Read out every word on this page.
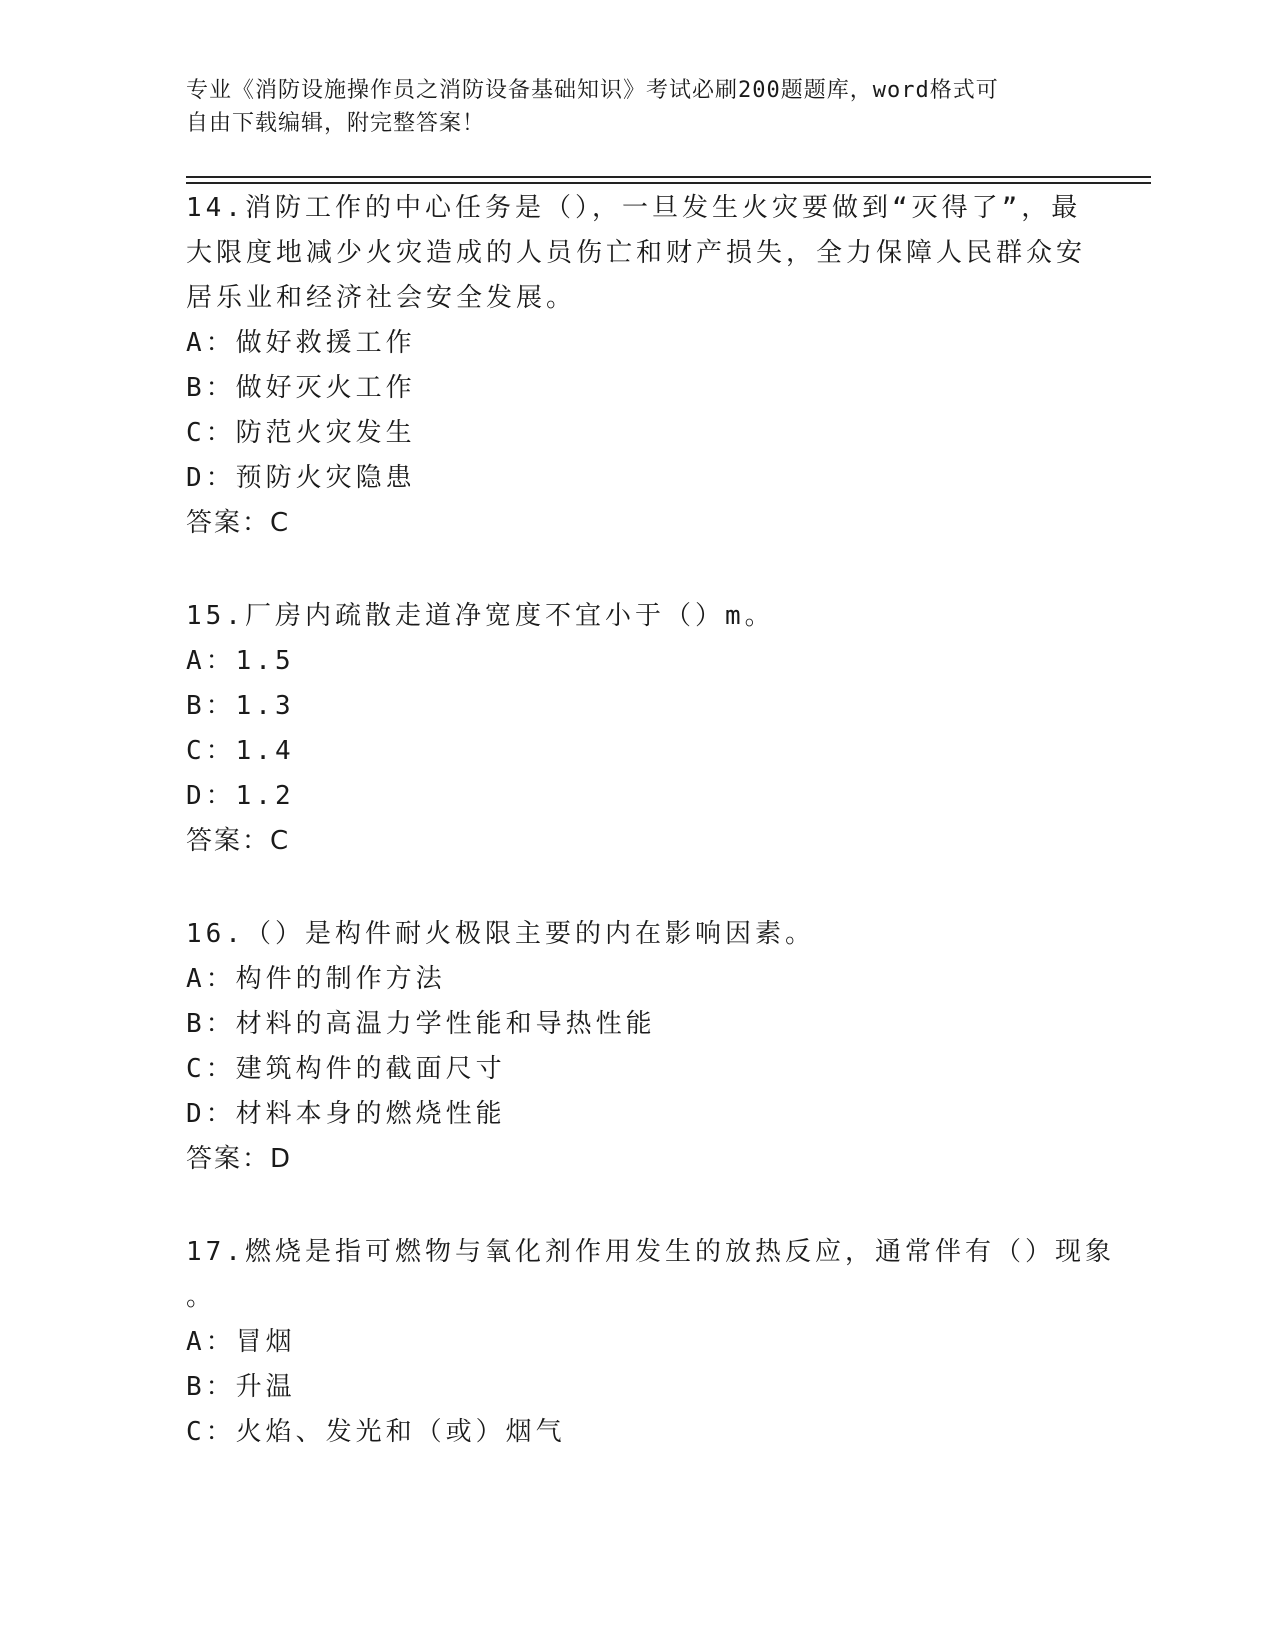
专业《消防设施操作员之消防设备基础知识》考试必刷200题题库，word格式可
自由下载编辑，附完整答案！
14.消防工作的中心任务是（），一旦发生火灾要做到“灭得了”，最
大限度地减少火灾造成的人员伤亡和财产损失，全力保障人民群众安
居乐业和经济社会安全发展。
A：做好救援工作
B：做好灭火工作
C：防范火灾发生
D：预防火灾隐患
答案：C
15.厂房内疏散走道净宽度不宜小于（）m。
A：1.5
B：1.3
C：1.4
D：1.2
答案：C
16.（）是构件耐火极限主要的内在影响因素。
A：构件的制作方法
B：材料的高温力学性能和导热性能
C：建筑构件的截面尺寸
D：材料本身的燃烧性能
答案：D
17.燃烧是指可燃物与氧化剂作用发生的放热反应，通常伴有（）现象
。
A：冒烟
B：升温
C：火焰、发光和（或）烟气
